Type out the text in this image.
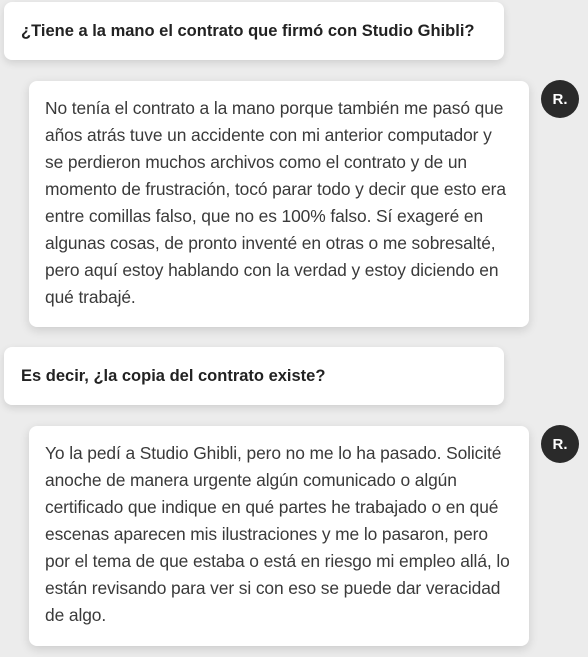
¿Tiene a la mano el contrato que firmó con Studio Ghibli?

No tenía el contrato a la mano porque también me pasó que años atrás tuve un accidente con mi anterior computador y se perdieron muchos archivos como el contrato y de un momento de frustración, tocó parar todo y decir que esto era entre comillas falso, que no es 100% falso. Sí exageré en algunas cosas, de pronto inventé en otras o me sobresalté, pero aquí estoy hablando con la verdad y estoy diciendo en qué trabajé.

R.
Es decir, ¿la copia del contrato existe?

Yo la pedí a Studio Ghibli, pero no me lo ha pasado. Solicité anoche de manera urgente algún comunicado o algún certificado que indique en qué partes he trabajado o en qué escenas aparecen mis ilustraciones y me lo pasaron, pero por el tema de que estaba o está en riesgo mi empleo allá, lo están revisando para ver si con eso se puede dar veracidad de algo.

R.
